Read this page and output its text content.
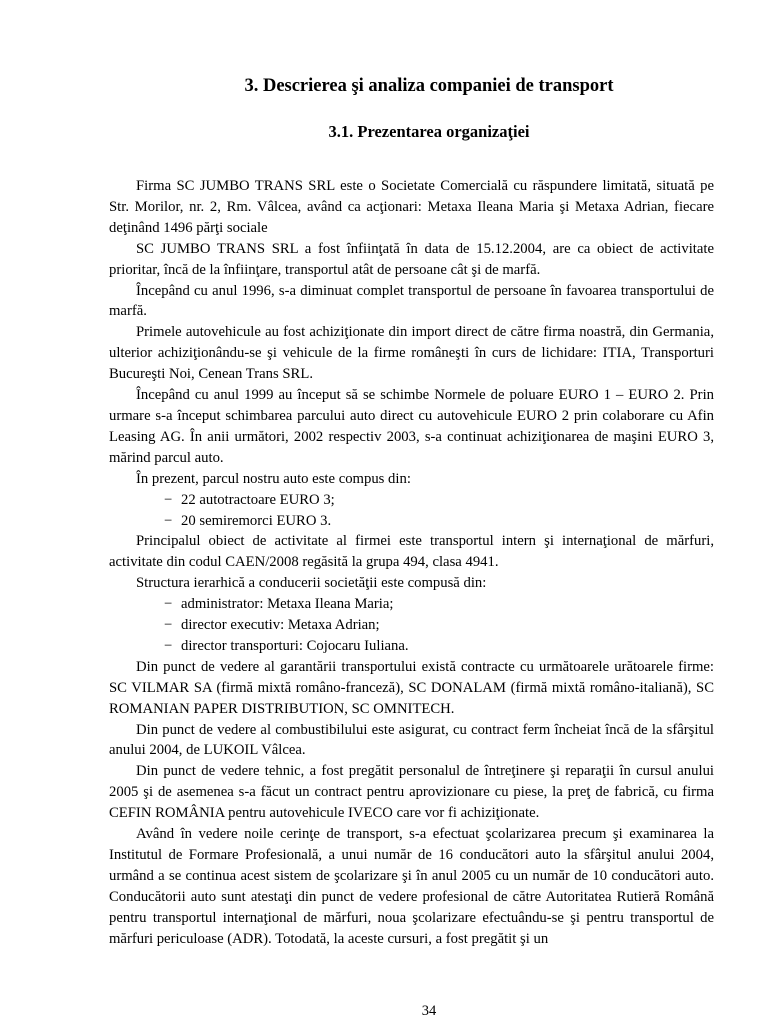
3. Descrierea şi analiza companiei de transport
3.1. Prezentarea organizaţiei

Firma SC JUMBO TRANS SRL este o Societate Comercială cu răspundere limitată, situată pe Str. Morilor, nr. 2, Rm. Vâlcea, având ca acţionari: Metaxa Ileana Maria şi Metaxa Adrian, fiecare deţinând 1496 părţi sociale

SC JUMBO TRANS SRL a fost înfiinţată în data de 15.12.2004, are ca obiect de activitate prioritar, încă de la înfiinţare, transportul atât de persoane cât şi de marfă.

Începând cu anul 1996, s-a diminuat complet transportul de persoane în favoarea transportului de marfă.

Primele autovehicule au fost achiziţionate din import direct de către firma noastră, din Germania, ulterior achiziţionându-se şi vehicule de la firme româneşti în curs de lichidare: ITIA, Transporturi Bucureşti Noi, Cenean Trans SRL.

Începând cu anul 1999 au început să se schimbe Normele de poluare EURO 1 – EURO 2. Prin urmare s-a început schimbarea parcului auto direct cu autovehicule EURO 2 prin colaborare cu Afin Leasing AG. În anii următori, 2002 respectiv 2003, s-a continuat achiziţionarea de maşini EURO 3, mărind parcul auto.

În prezent, parcul nostru auto este compus din:

− 22 autotractoare EURO 3;
− 20 semiremorci EURO 3.

Principalul obiect de activitate al firmei este transportul intern şi internaţional de mărfuri, activitate din codul CAEN/2008 regăsită la grupa 494, clasa 4941.

Structura ierarhică a conducerii societăţii este compusă din:

− administrator: Metaxa Ileana Maria;
− director executiv: Metaxa Adrian;
− director transporturi: Cojocaru Iuliana.

Din punct de vedere al garantării transportului există contracte cu următoarele urătoarele firme: SC VILMAR SA (firmă mixtă româno-franceză), SC DONALAM (firmă mixtă româno-italiană), SC ROMANIAN PAPER DISTRIBUTION, SC OMNITECH.

Din punct de vedere al combustibilului este asigurat, cu contract ferm încheiat încă de la sfârşitul anului 2004, de LUKOIL Vâlcea.

Din punct de vedere tehnic, a fost pregătit personalul de întreţinere şi reparaţii în cursul anului 2005 şi de asemenea s-a făcut un contract pentru aprovizionare cu piese, la preţ de fabrică, cu firma CEFIN ROMÂNIA pentru autovehicule IVECO care vor fi achiziţionate.

Având în vedere noile cerinţe de transport, s-a efectuat şcolarizarea precum şi examinarea la Institutul de Formare Profesională, a unui număr de 16 conducători auto la sfârşitul anului 2004, urmând a se continua acest sistem de şcolarizare şi în anul 2005 cu un număr de 10 conducători auto. Conducătorii auto sunt atestaţi din punct de vedere profesional de către Autoritatea Rutieră Română pentru transportul internaţional de mărfuri, noua şcolarizare efectuându-se şi pentru transportul de mărfuri periculoase (ADR). Totodată, la aceste cursuri, a fost pregătit şi un

34
